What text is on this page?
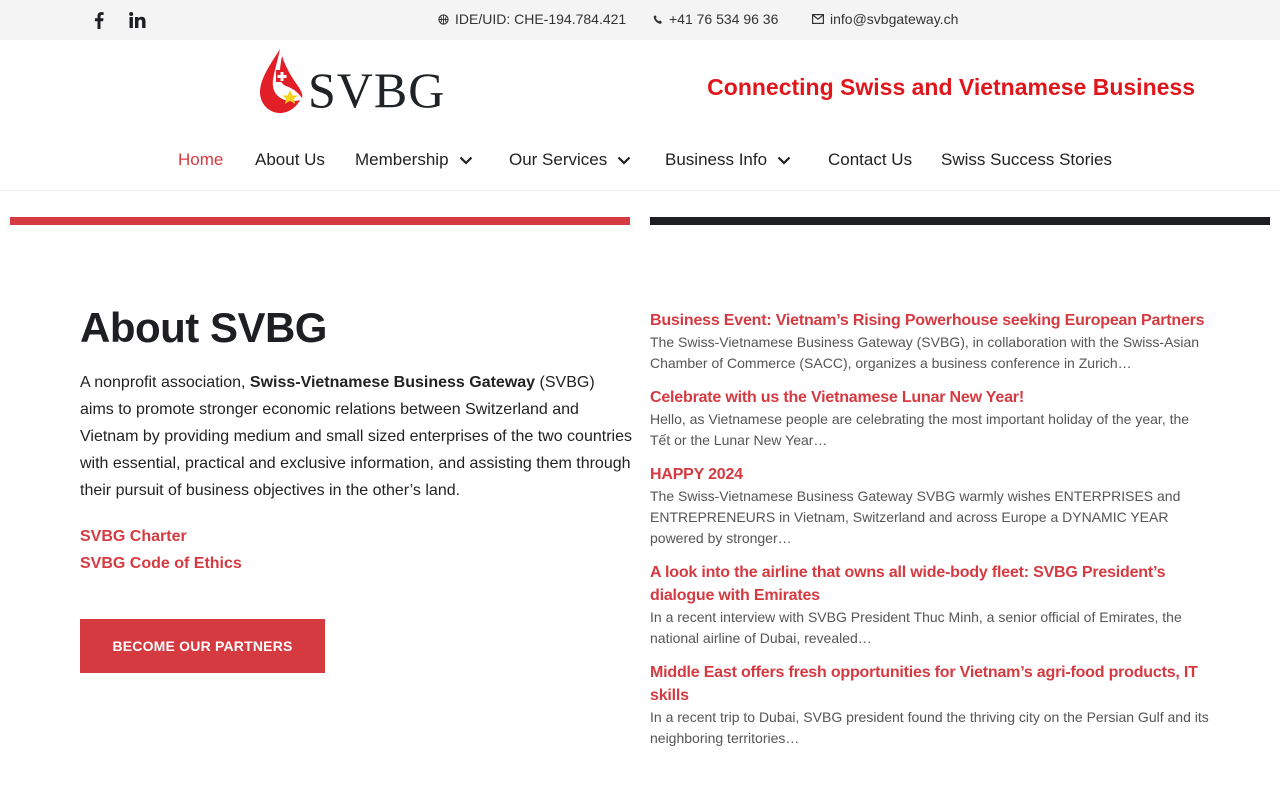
IDE/UID: CHE-194.784.421	+41 76 534 96 36	info@svbgateway.ch
SVBG	Connecting Swiss and Vietnamese Business
Home About Us Membership	Our Services	Business Info	Contact Us Swiss Success Stories
About SVBG

A nonprofit association, Swiss-Vietnamese Business Gateway (SVBG) aims to promote stronger economic relations between Switzerland and Vietnam by providing medium and small sized enterprises of the two countries with essential, practical and exclusive information, and assisting them through their pursuit of business objectives in the other’s land.

SVBG Charter
SVBG Code of Ethics
BECOME OUR PARTNERS
Business Event: Vietnam’s Rising Powerhouse seeking European Partners
The Swiss-Vietnamese Business Gateway (SVBG), in collaboration with the Swiss-Asian Chamber of Commerce (SACC), organizes a business conference in Zurich…
Celebrate with us the Vietnamese Lunar New Year!
Hello, as Vietnamese people are celebrating the most important holiday of the year, the Tết or the Lunar New Year…
HAPPY 2024
The Swiss-Vietnamese Business Gateway SVBG warmly wishes ENTERPRISES and ENTREPRENEURS in Vietnam, Switzerland and across Europe a DYNAMIC YEAR powered by stronger…
A look into the airline that owns all wide-body fleet: SVBG President’s dialogue with Emirates
In a recent interview with SVBG President Thuc Minh, a senior official of Emirates, the national airline of Dubai, revealed…
Middle East offers fresh opportunities for Vietnam’s agri-food products, IT skills
In a recent trip to Dubai, SVBG president found the thriving city on the Persian Gulf and its neighboring territories…
